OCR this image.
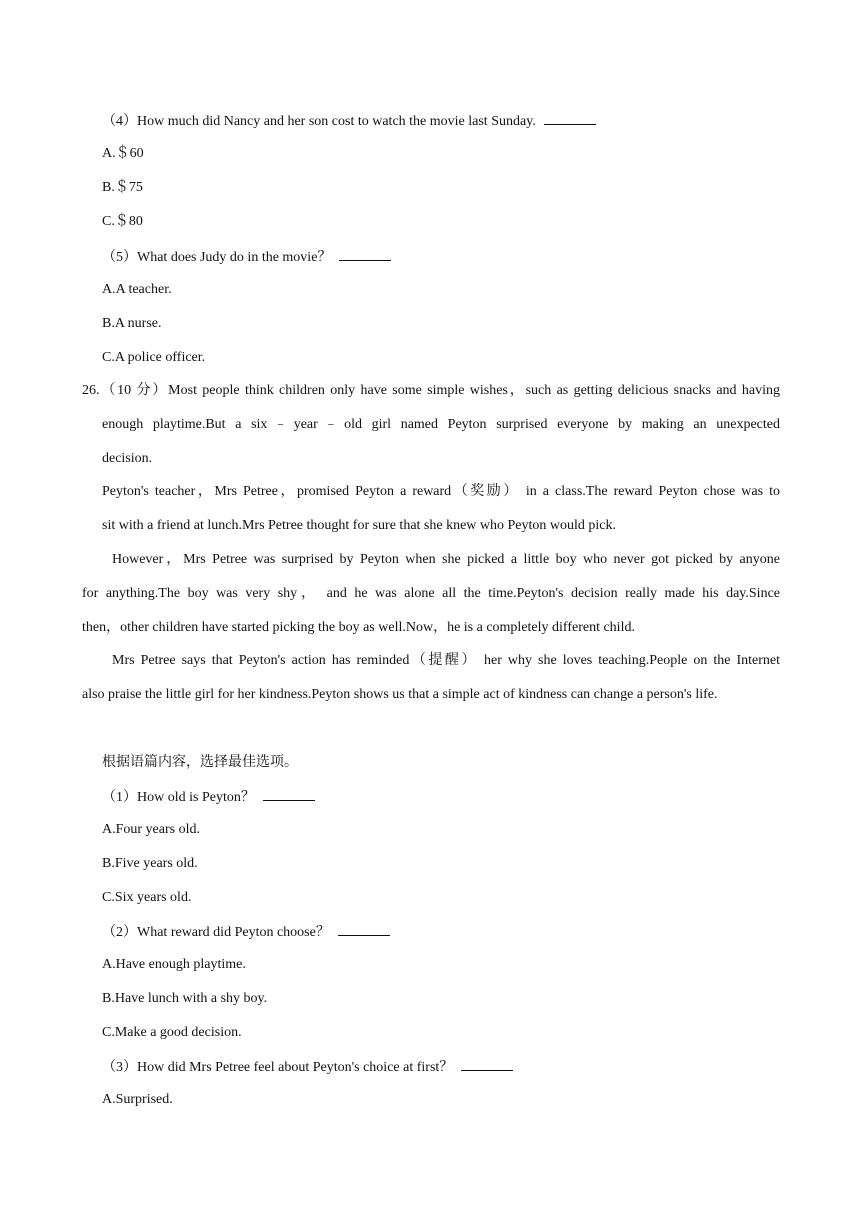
（4）How much did Nancy and her son cost to watch the movie last Sunday.
A.＄60
B.＄75
C.＄80
（5）What does Judy do in the movie？
A.A teacher.
B.A nurse.
C.A police officer.
26.（10 分）Most people think children only have some simple wishes，such as getting delicious snacks and having
enough playtime.But a six﹣year﹣old girl named Peyton surprised everyone by making an unexpected
decision.
Peyton's teacher，Mrs Petree，promised Peyton a reward（奖励） in a class.The reward Peyton chose was to
sit with a friend at lunch.Mrs Petree thought for sure that she knew who Peyton would pick.
However，Mrs Petree was surprised by Peyton when she picked a little boy who never got picked by anyone
for anything.The boy was very shy， and he was alone all the time.Peyton's decision really made his day.Since
then，other children have started picking the boy as well.Now，he is a completely different child.
Mrs Petree says that Peyton's action has reminded（提醒） her why she loves teaching.People on the Internet
also praise the little girl for her kindness.Peyton shows us that a simple act of kindness can change a person's life.
根据语篇内容，选择最佳选项。
（1）How old is Peyton？
A.Four years old.
B.Five years old.
C.Six years old.
（2）What reward did Peyton choose？
A.Have enough playtime.
B.Have lunch with a shy boy.
C.Make a good decision.
（3）How did Mrs Petree feel about Peyton's choice at first？
A.Surprised.
